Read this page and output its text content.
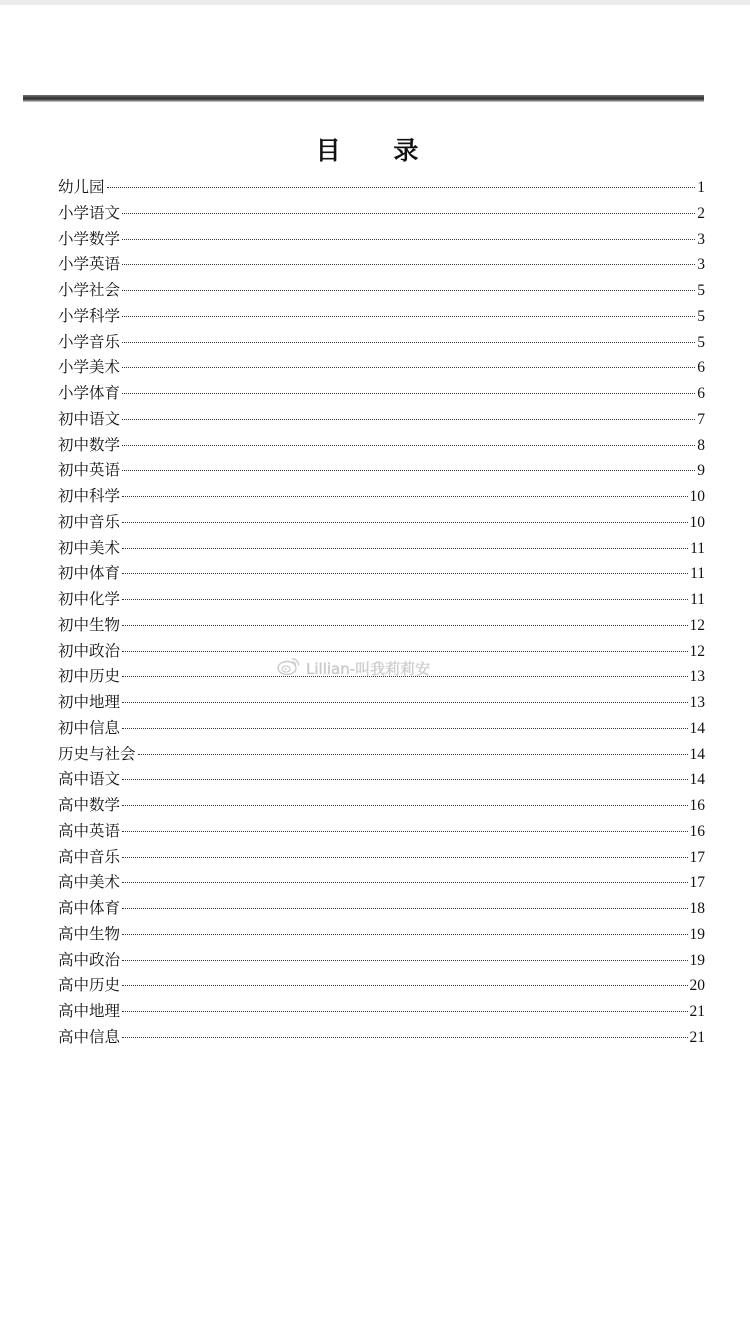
目 录
幼儿园	1
小学语文	2
小学数学	3
小学英语	3
小学社会	5
小学科学	5
小学音乐	5
小学美术	6
小学体育	6
初中语文	7
初中数学	8
初中英语	9
初中科学	10
初中音乐	10
初中美术	11
初中体育	11
初中化学	11
初中生物	12
初中政治	12
初中历史	13
初中地理	13
初中信息	14
历史与社会	14
高中语文	14
高中数学	16
高中英语	16
高中音乐	17
高中美术	17
高中体育	18
高中生物	19
高中政治	19
高中历史	20
高中地理	21
高中信息	21
Lillian-叫我莉莉安
